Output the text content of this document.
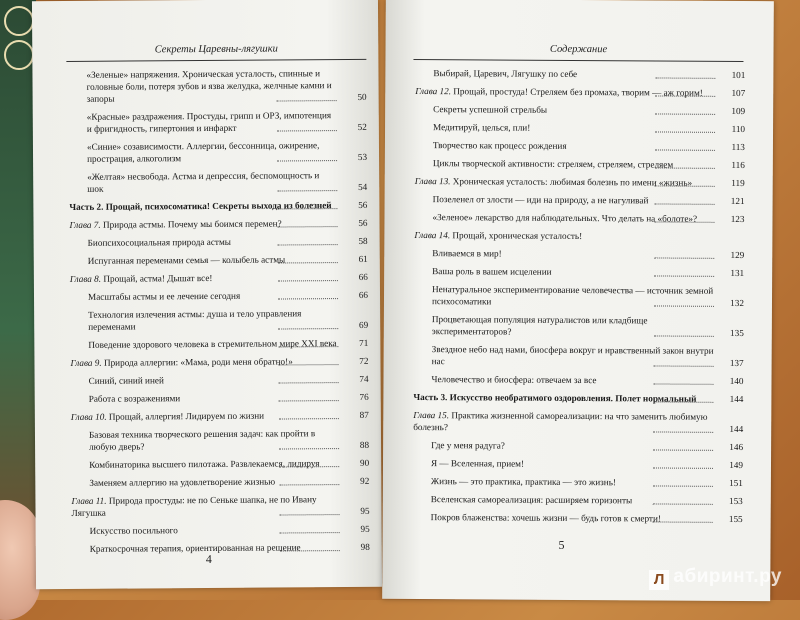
Секреты Царевны-лягушки
«Зеленые» напряжения. Хроническая усталость, спинные и головные боли, потеря зубов и язва желудка, желчные камни и запоры	50
«Красные» раздражения. Простуды, грипп и ОРЗ, импотенция и фригидность, гипертония и инфаркт	52
«Синие» созависимости. Аллергии, бессонница, ожирение, прострация, алкоголизм	53
«Желтая» несвобода. Астма и депрессия, беспомощность и шок	54
Часть 2. Прощай, психосоматика! Секреты выхода из болезней	56
Глава 7. Природа астмы. Почему мы боимся перемен?	56
Биопсихосоциальная природа астмы	58
Испуганная переменами семья — колыбель астмы	61
Глава 8. Прощай, астма! Дышат все!	66
Масштабы астмы и ее лечение сегодня	66
Технология излечения астмы: душа и тело управления переменами	69
Поведение здорового человека в стремительном мире XXI века	71
Глава 9. Природа аллергии: «Мама, роди меня обратно!»	72
Синий, синий иней	74
Работа с возражениями	76
Глава 10. Прощай, аллергия! Лидируем по жизни	87
Базовая техника творческого решения задач: как пройти в любую дверь?	88
Комбинаторика высшего пилотажа. Развлекаемся, лидируя	90
Заменяем аллергию на удовлетворение жизнью	92
Глава 11. Природа простуды: не по Сеньке шапка, не по Ивану Лягушка	95
Искусство посильного	95
Краткосрочная терапия, ориентированная на решение	98
4
Содержание
Выбирай, Царевич, Лягушку по себе	101
Глава 12. Прощай, простуда! Стреляем без промаха, творим — аж горим!	107
Секреты успешной стрельбы	109
Медитируй, целься, пли!	110
Творчество как процесс рождения	113
Циклы творческой активности: стреляем, стреляем, стреляем	116
Глава 13. Хроническая усталость: любимая болезнь по имени «жизнь»	119
Позеленел от злости — иди на природу, а не нагуливай	121
«Зеленое» лекарство для наблюдательных. Что делать на «болоте»?	123
Глава 14. Прощай, хроническая усталость!
Вливаемся в мир!	129
Ваша роль в вашем исцелении	131
Ненатуральное экспериментирование человечества — источник земной психосоматики	132
Процветающая популяция натуралистов или кладбище экспериментаторов?	135
Звездное небо над нами, биосфера вокруг и нравственный закон внутри нас	137
Человечество и биосфера: отвечаем за все	140
Часть 3. Искусство необратимого оздоровления. Полет нормальный	144
Глава 15. Практика жизненной самореализации: на что заменить любимую болезнь?	144
Где у меня радуга?	146
Я — Вселенная, прием!	149
Жизнь — это практика, практика — это жизнь!	151
Вселенская самореализация: расширяем горизонты	153
Покров блаженства: хочешь жизни — будь готов к смерти!	155
5
Л абиринт.ру
